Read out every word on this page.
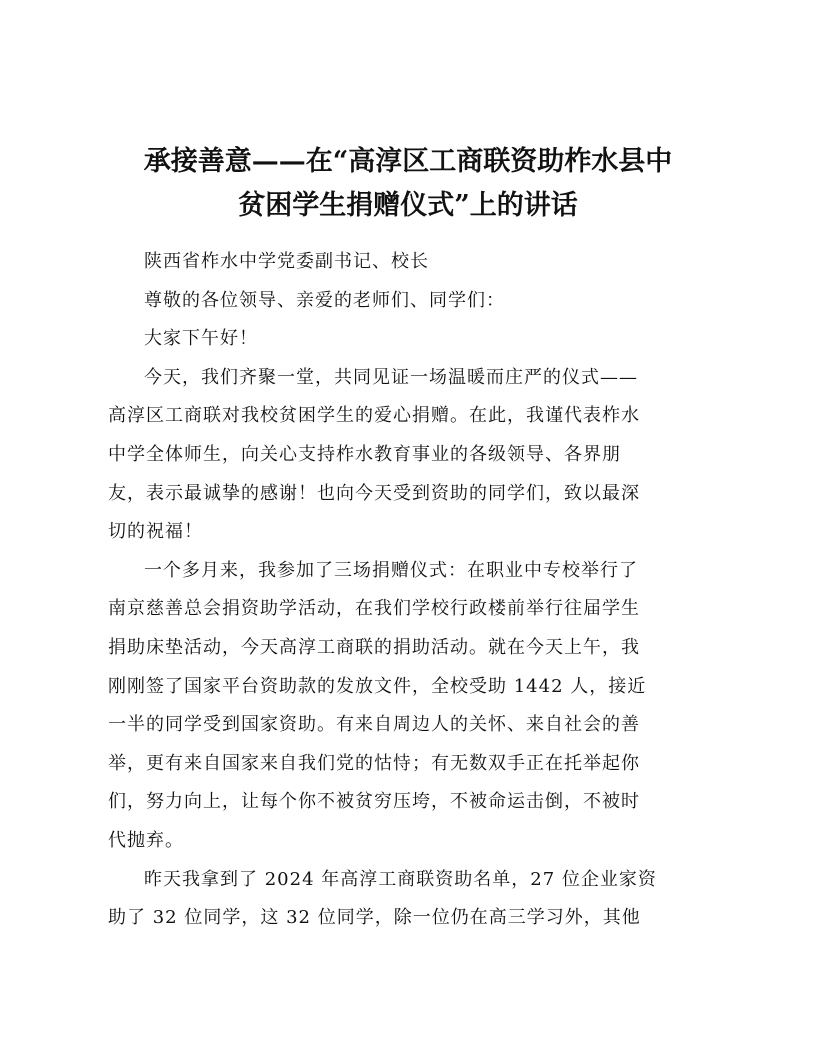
承接善意——在“高淳区工商联资助柞水县中
贫困学生捐赠仪式”上的讲话

陕西省柞水中学党委副书记、校长

尊敬的各位领导、亲爱的老师们、同学们：

大家下午好！

今天，我们齐聚一堂，共同见证一场温暖而庄严的仪式——
高淳区工商联对我校贫困学生的爱心捐赠。在此，我谨代表柞水
中学全体师生，向关心支持柞水教育事业的各级领导、各界朋
友，表示最诚挚的感谢！也向今天受到资助的同学们，致以最深
切的祝福！

一个多月来，我参加了三场捐赠仪式：在职业中专校举行了
南京慈善总会捐资助学活动，在我们学校行政楼前举行往届学生
捐助床垫活动，今天高淳工商联的捐助活动。就在今天上午，我
刚刚签了国家平台资助款的发放文件，全校受助 1442 人，接近
一半的同学受到国家资助。有来自周边人的关怀、来自社会的善
举，更有来自国家来自我们党的怙恃；有无数双手正在托举起你
们，努力向上，让每个你不被贫穷压垮，不被命运击倒，不被时
代抛弃。

昨天我拿到了 2024 年高淳工商联资助名单，27 位企业家资
助了 32 位同学，这 32 位同学，除一位仍在高三学习外，其他
